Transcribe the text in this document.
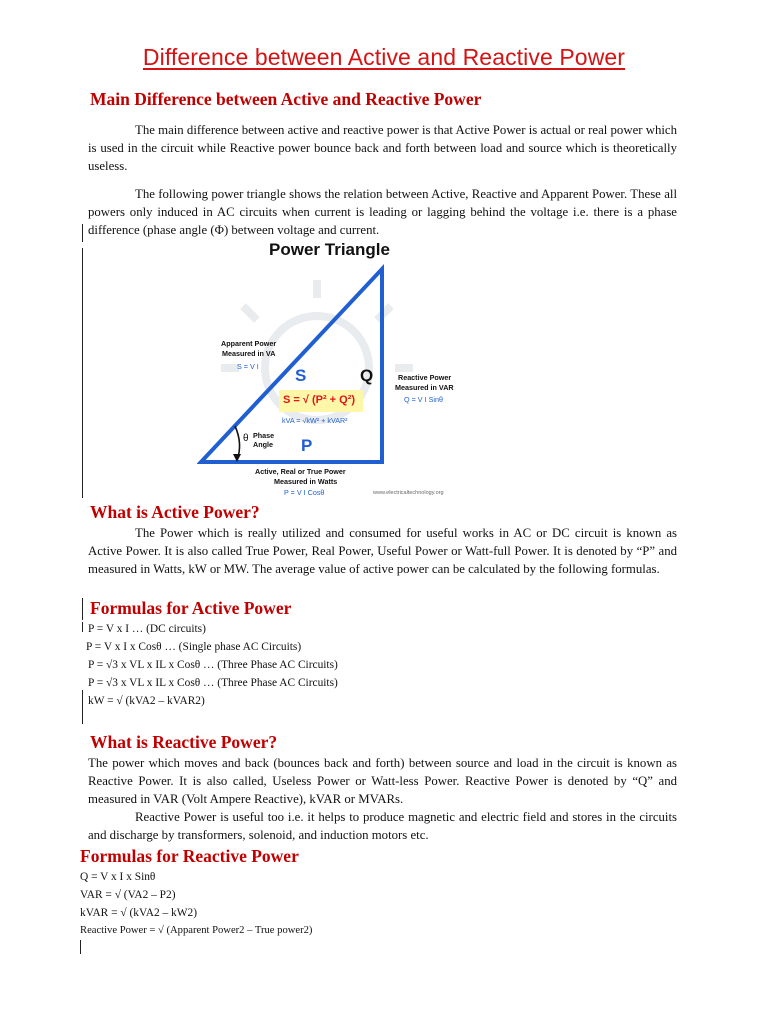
Difference between Active and Reactive Power
Main Difference between Active and Reactive Power

The main difference between active and reactive power is that Active Power is actual or real power which is used in the circuit while Reactive power bounce back and forth between load and source which is theoretically useless.

The following power triangle shows the relation between Active, Reactive and Apparent Power. These all powers only induced in AC circuits when current is leading or lagging behind the voltage i.e. there is a phase difference (phase angle (Φ) between voltage and current.

Power Triangle
Apparent Power
Measured in VA
S = V I S	Q	Reactive Power
Measured in VAR
Q = V I Sinθ
S = √ (P² + Q²)
kVA = √kW² + kVAR²
θ Phase
Angle P
Active, Real or True Power
Measured in Watts
P = V I Cosθ	www.electricaltechnology.org
What is Active Power?

The Power which is really utilized and consumed for useful works in AC or DC circuit is known as Active Power. It is also called True Power, Real Power, Useful Power or Watt-full Power. It is denoted by “P” and measured in Watts, kW or MW. The average value of active power can be calculated by the following formulas.

Formulas for Active Power
P = V x I … (DC circuits)
P = V x I x Cosθ … (Single phase AC Circuits)
P = √3 x VL x IL x Cosθ … (Three Phase AC Circuits)
P = √3 x VL x IL x Cosθ … (Three Phase AC Circuits)
kW = √ (kVA2 – kVAR2)
What is Reactive Power?

The power which moves and back (bounces back and forth) between source and load in the circuit is known as Reactive Power. It is also called, Useless Power or Watt-less Power. Reactive Power is denoted by “Q” and measured in VAR (Volt Ampere Reactive), kVAR or MVARs.

Reactive Power is useful too i.e. it helps to produce magnetic and electric field and stores in the circuits and discharge by transformers, solenoid, and induction motors etc.

Formulas for Reactive Power
Q = V x I x Sinθ
VAR = √ (VA2 – P2)
kVAR = √ (kVA2 – kW2)
Reactive Power = √ (Apparent Power2 – True power2)
